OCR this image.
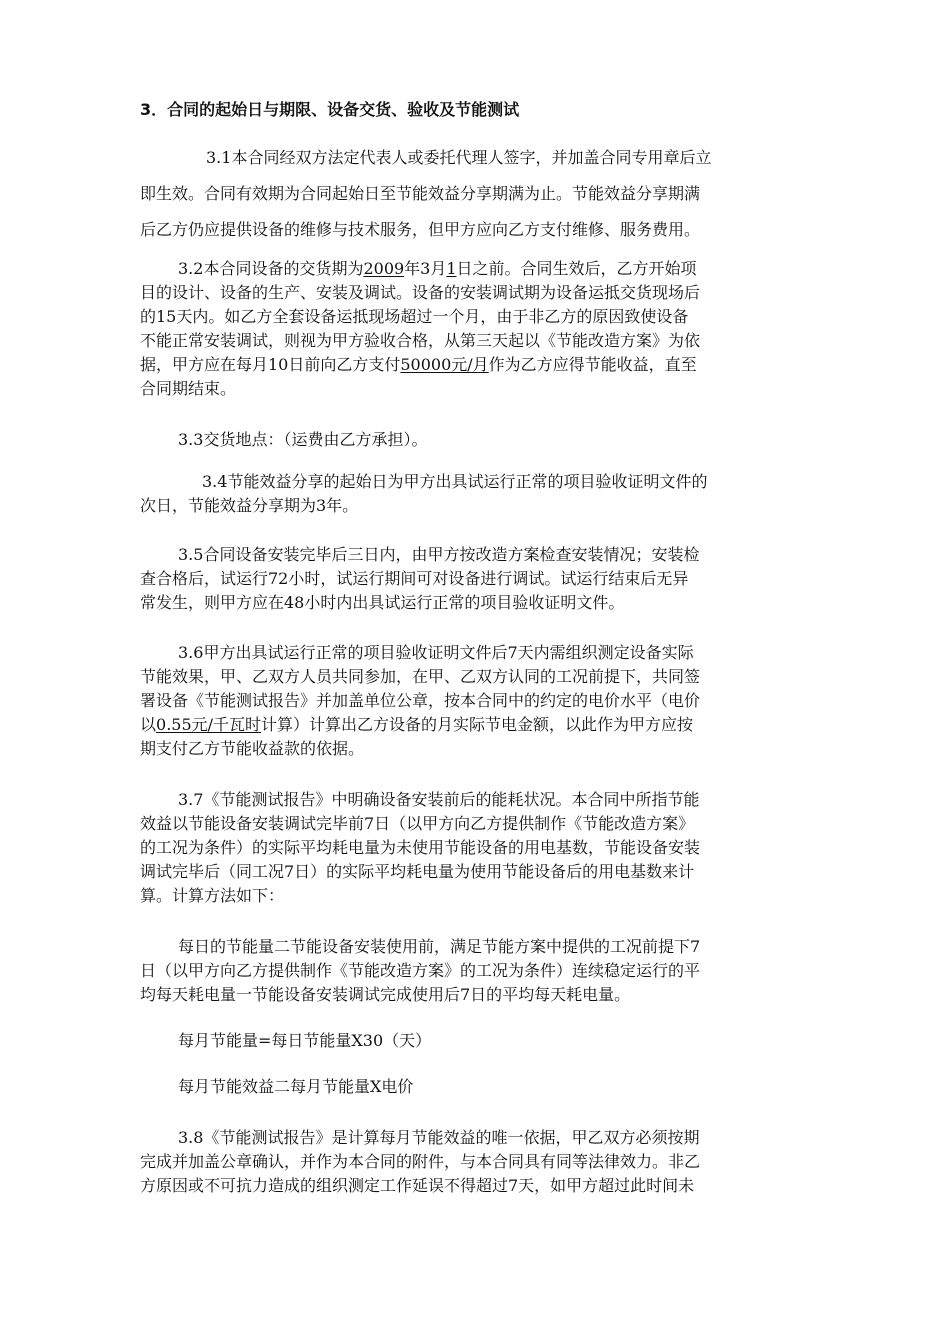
3．合同的起始日与期限、设备交货、验收及节能测试
3.1本合同经双方法定代表人或委托代理人签字，并加盖合同专用章后立
即生效。合同有效期为合同起始日至节能效益分享期满为止。节能效益分享期满
后乙方仍应提供设备的维修与技术服务，但甲方应向乙方支付维修、服务费用。
3.2本合同设备的交货期为2009年3月1日之前。合同生效后，乙方开始项
目的设计、设备的生产、安装及调试。设备的安装调试期为设备运抵交货现场后
的15天内。如乙方全套设备运抵现场超过一个月，由于非乙方的原因致使设备
不能正常安装调试，则视为甲方验收合格，从第三天起以《节能改造方案》为依
据，甲方应在每月10日前向乙方支付50000元/月作为乙方应得节能收益，直至
合同期结束。
3.3交货地点：（运费由乙方承担）。
3.4节能效益分享的起始日为甲方出具试运行正常的项目验收证明文件的
次日，节能效益分享期为3年。
3.5合同设备安装完毕后三日内，由甲方按改造方案检查安装情况；安装检
查合格后，试运行72小时，试运行期间可对设备进行调试。试运行结束后无异
常发生，则甲方应在48小时内出具试运行正常的项目验收证明文件。
3.6甲方出具试运行正常的项目验收证明文件后7天内需组织测定设备实际
节能效果，甲、乙双方人员共同参加，在甲、乙双方认同的工况前提下，共同签
署设备《节能测试报告》并加盖单位公章，按本合同中的约定的电价水平（电价
以0.55元/千瓦时计算）计算出乙方设备的月实际节电金额，以此作为甲方应按
期支付乙方节能收益款的依据。
3.7《节能测试报告》中明确设备安装前后的能耗状况。本合同中所指节能
效益以节能设备安装调试完毕前7日（以甲方向乙方提供制作《节能改造方案》
的工况为条件）的实际平均耗电量为未使用节能设备的用电基数，节能设备安装
调试完毕后（同工况7日）的实际平均耗电量为使用节能设备后的用电基数来计
算。计算方法如下：
每日的节能量二节能设备安装使用前，满足节能方案中提供的工况前提下7
日（以甲方向乙方提供制作《节能改造方案》的工况为条件）连续稳定运行的平
均每天耗电量一节能设备安装调试完成使用后7日的平均每天耗电量。
每月节能量=每日节能量X30（天）
每月节能效益二每月节能量X电价
3.8《节能测试报告》是计算每月节能效益的唯一依据，甲乙双方必须按期
完成并加盖公章确认，并作为本合同的附件，与本合同具有同等法律效力。非乙
方原因或不可抗力造成的组织测定工作延误不得超过7天，如甲方超过此时间未
